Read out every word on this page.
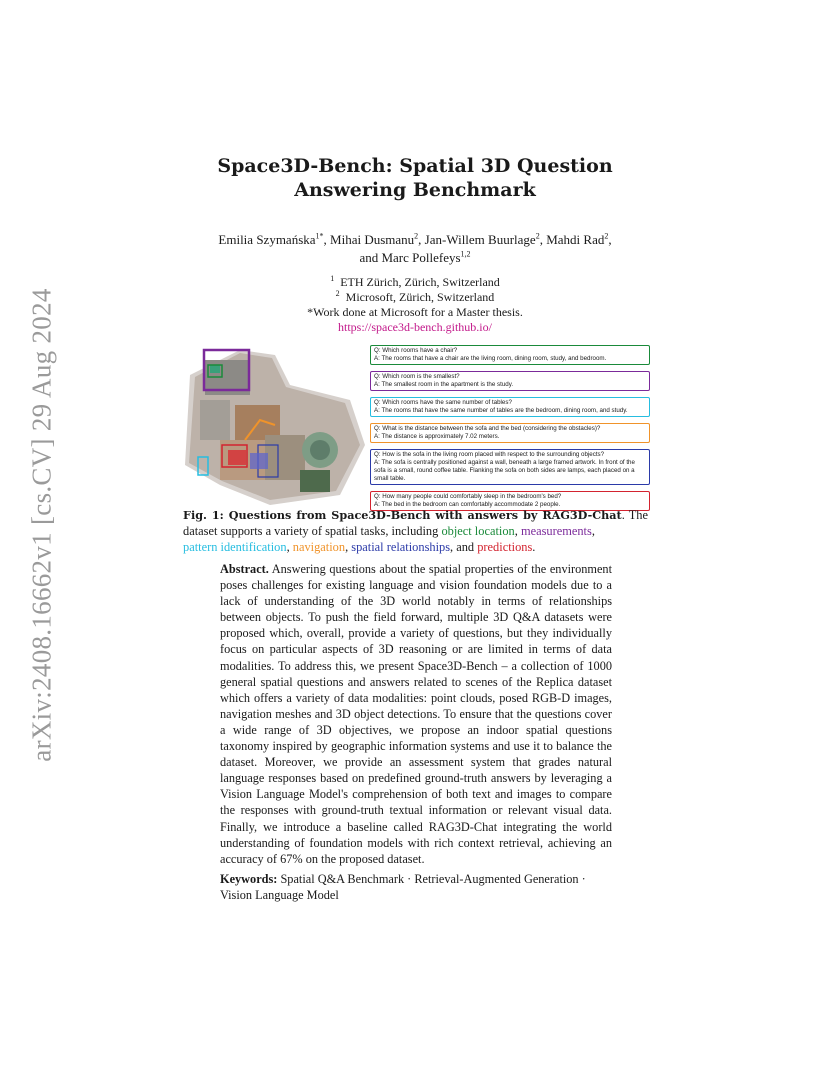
arXiv:2408.16662v1 [cs.CV] 29 Aug 2024
Space3D-Bench: Spatial 3D Question Answering Benchmark
Emilia Szymańska$^{1*}$, Mihai Dusmanu$^2$, Jan-Willem Buurlage$^2$, Mahdi Rad$^2$,
and Marc Pollefeys$^{1,2}$
$^1$ ETH Zürich, Zürich, Switzerland
$^2$ Microsoft, Zürich, Switzerland
*Work done at Microsoft for a Master thesis.
https://space3d-bench.github.io/
Q: Which rooms have a chair?
A: The rooms that have a chair are the living room, dining room, study, and bedroom.
Q: Which room is the smallest?
A: The smallest room in the apartment is the study.
Q: Which rooms have the same number of tables?
A: The rooms that have the same number of tables are the bedroom, dining room, and study.
Q: What is the distance between the sofa and the bed (considering the obstacles)?
A: The distance is approximately 7.02 meters.
Q: How is the sofa in the living room placed with respect to the surrounding objects?
A: The sofa is centrally positioned against a wall, beneath a large framed artwork. In front of the sofa is a small, round coffee table. Flanking the sofa on both sides are lamps, each placed on a small table.
Q: How many people could comfortably sleep in the bedroom's bed?
A: The bed in the bedroom can comfortably accommodate 2 people.
Fig. 1: Questions from Space3D-Bench with answers by RAG3D-Chat. The dataset supports a variety of spatial tasks, including object location, measurements,
pattern identification, navigation, spatial relationships, and predictions.
Abstract. Answering questions about the spatial properties of the environment poses challenges for existing language and vision foundation models due to a lack of understanding of the 3D world notably in terms of relationships between objects. To push the field forward, multiple 3D Q&A datasets were proposed which, overall, provide a variety of questions, but they individually focus on particular aspects of 3D reasoning or are limited in terms of data modalities. To address this, we present Space3D-Bench – a collection of 1000 general spatial questions and answers related to scenes of the Replica dataset which offers a variety of data modalities: point clouds, posed RGB-D images, navigation meshes and 3D object detections. To ensure that the questions cover a wide range of 3D objectives, we propose an indoor spatial questions taxonomy inspired by geographic information systems and use it to balance the dataset. Moreover, we provide an assessment system that grades natural language responses based on predefined ground-truth answers by leveraging a Vision Language Model's comprehension of both text and images to compare the responses with ground-truth textual information or relevant visual data. Finally, we introduce a baseline called RAG3D-Chat integrating the world understanding of foundation models with rich context retrieval, achieving an accuracy of 67% on the proposed dataset.
Keywords: Spatial Q&A Benchmark · Retrieval-Augmented Generation · Vision Language Model
